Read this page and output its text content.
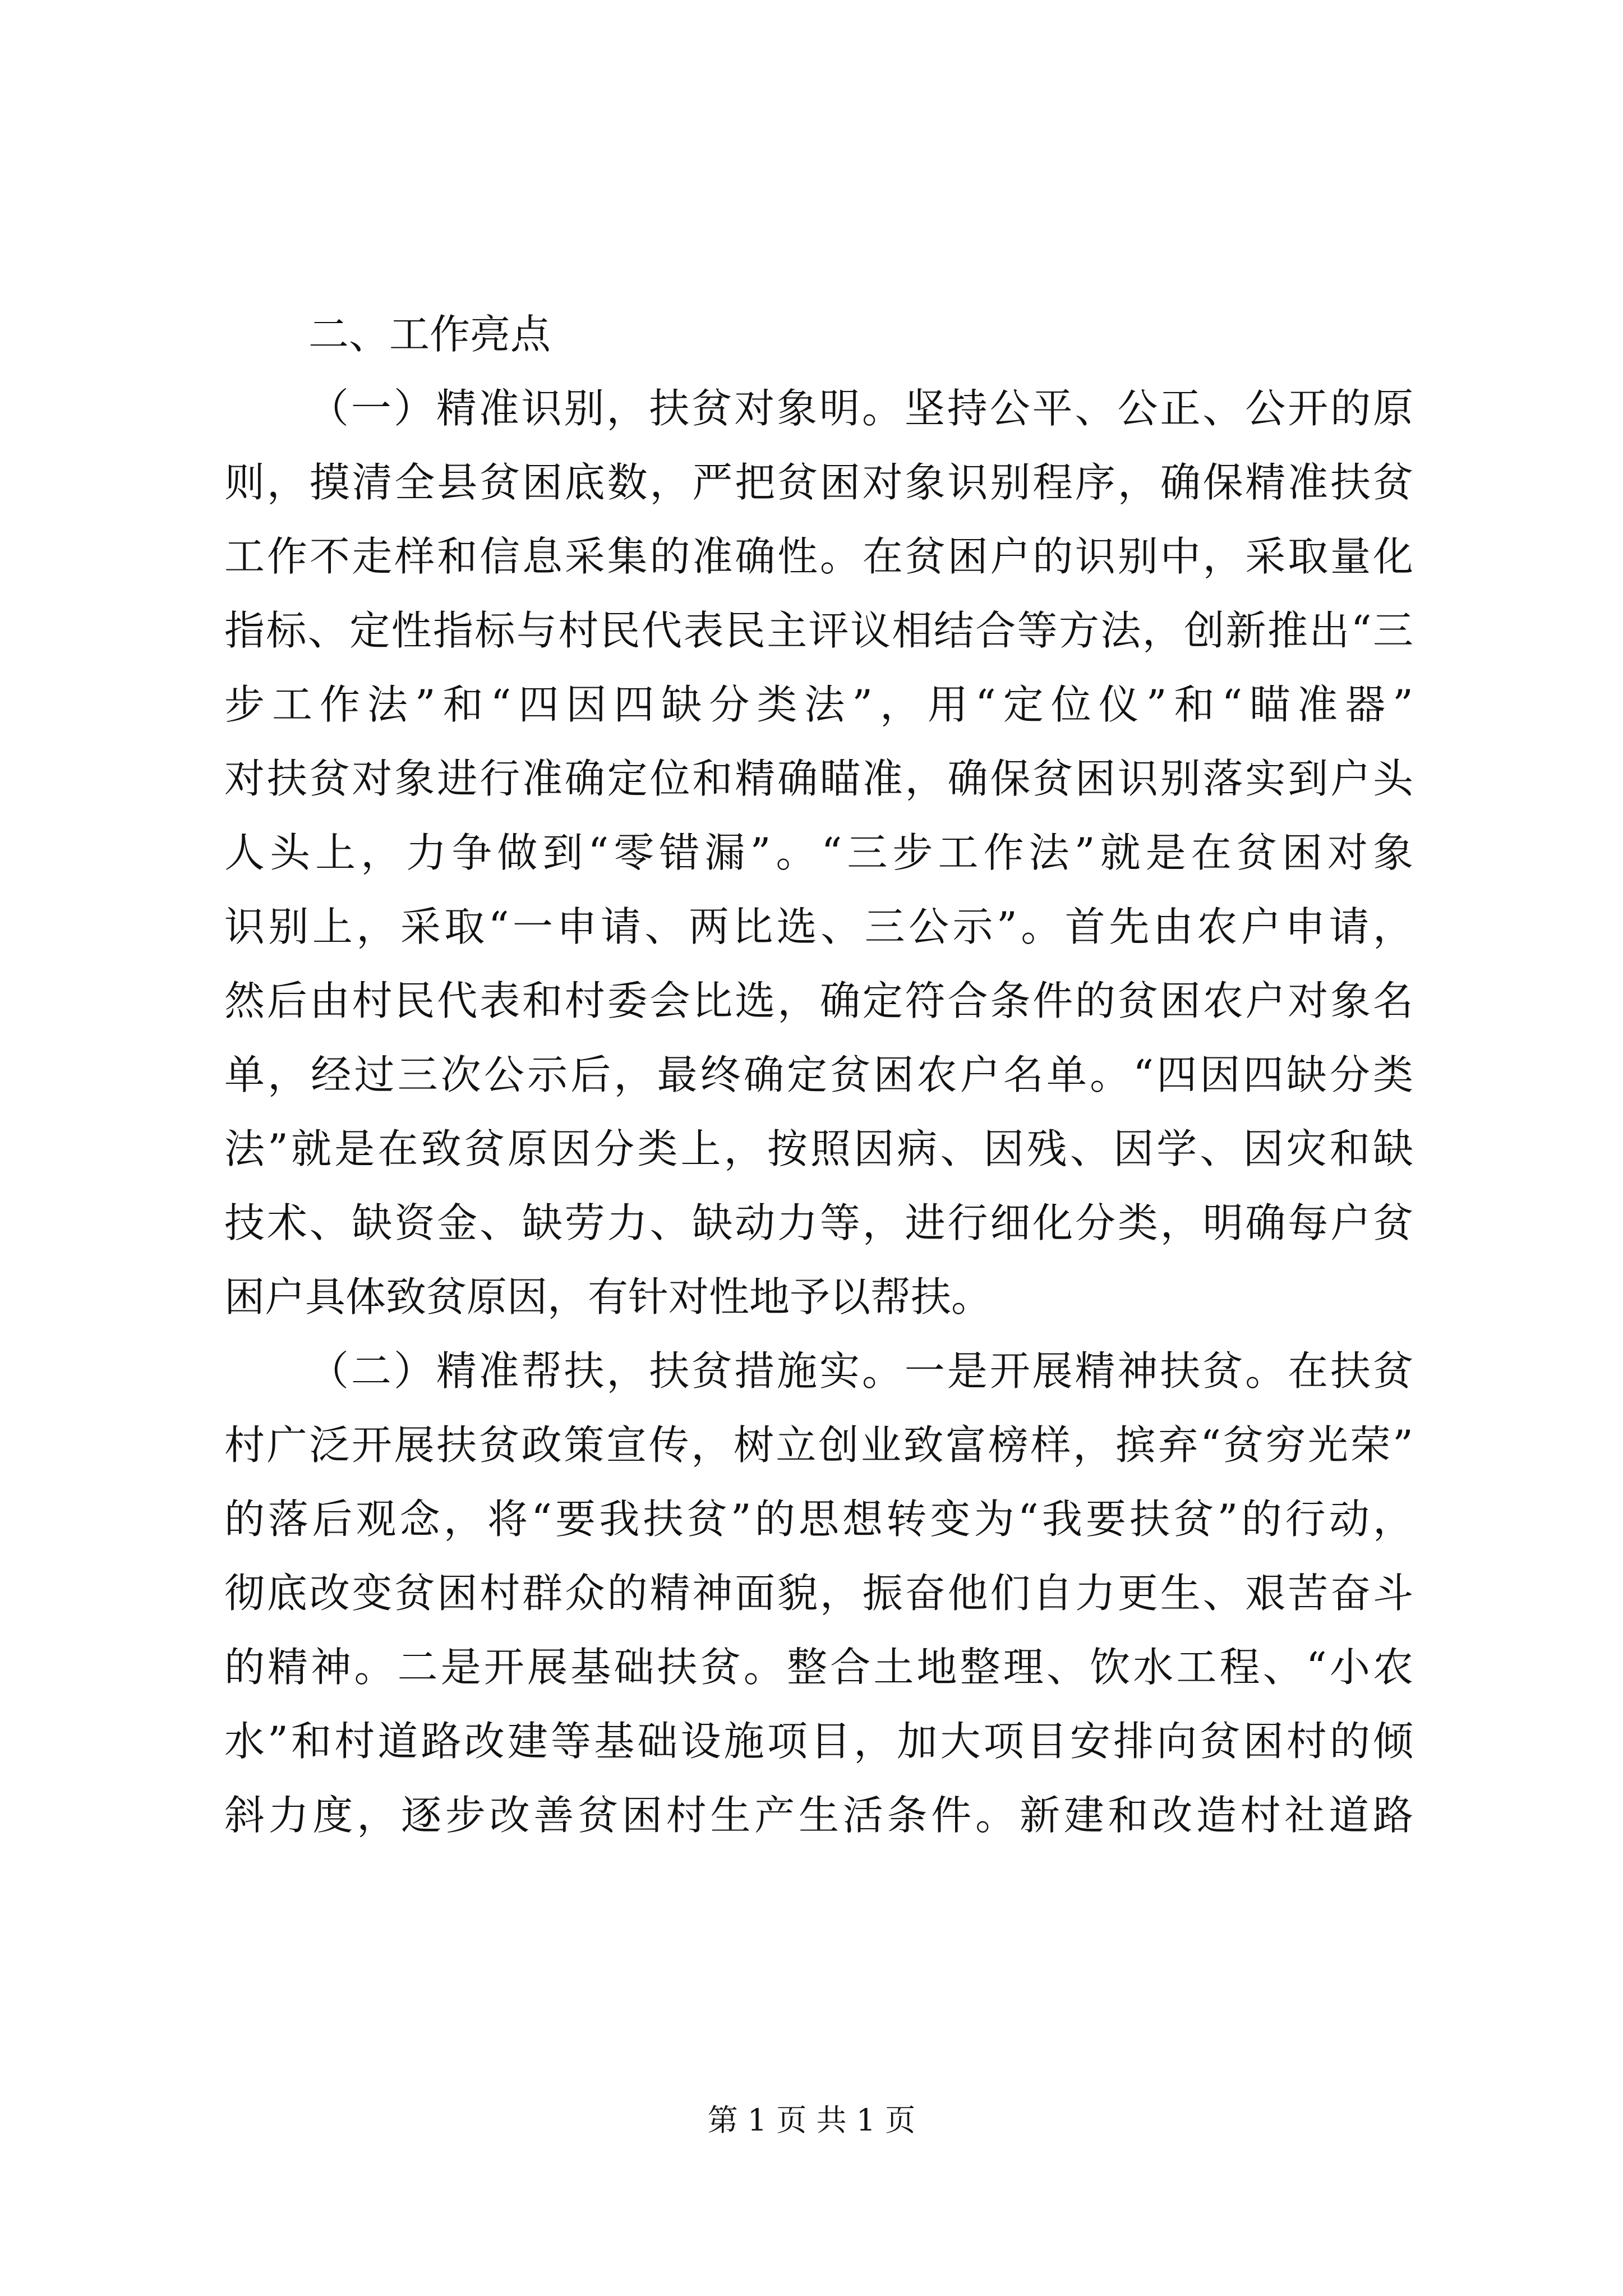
二、工作亮点
（一）精准识别，扶贫对象明。坚持公平、公正、公开的原
则，摸清全县贫困底数，严把贫困对象识别程序，确保精准扶贫
工作不走样和信息采集的准确性。在贫困户的识别中，采取量化
指标、定性指标与村民代表民主评议相结合等方法，创新推出“三
步工作法”和“四因四缺分类法”，用“定位仪”和“瞄准器”
对扶贫对象进行准确定位和精确瞄准，确保贫困识别落实到户头
人头上，力争做到“零错漏”。“三步工作法”就是在贫困对象
识别上，采取“一申请、两比选、三公示”。首先由农户申请，
然后由村民代表和村委会比选，确定符合条件的贫困农户对象名
单，经过三次公示后，最终确定贫困农户名单。“四因四缺分类
法”就是在致贫原因分类上，按照因病、因残、因学、因灾和缺
技术、缺资金、缺劳力、缺动力等，进行细化分类，明确每户贫
困户具体致贫原因，有针对性地予以帮扶。
（二）精准帮扶，扶贫措施实。一是开展精神扶贫。在扶贫
村广泛开展扶贫政策宣传，树立创业致富榜样，摈弃“贫穷光荣”
的落后观念，将“要我扶贫”的思想转变为“我要扶贫”的行动，
彻底改变贫困村群众的精神面貌，振奋他们自力更生、艰苦奋斗
的精神。二是开展基础扶贫。整合土地整理、饮水工程、“小农
水”和村道路改建等基础设施项目，加大项目安排向贫困村的倾
斜力度，逐步改善贫困村生产生活条件。新建和改造村社道路
第 1 页 共 1 页
